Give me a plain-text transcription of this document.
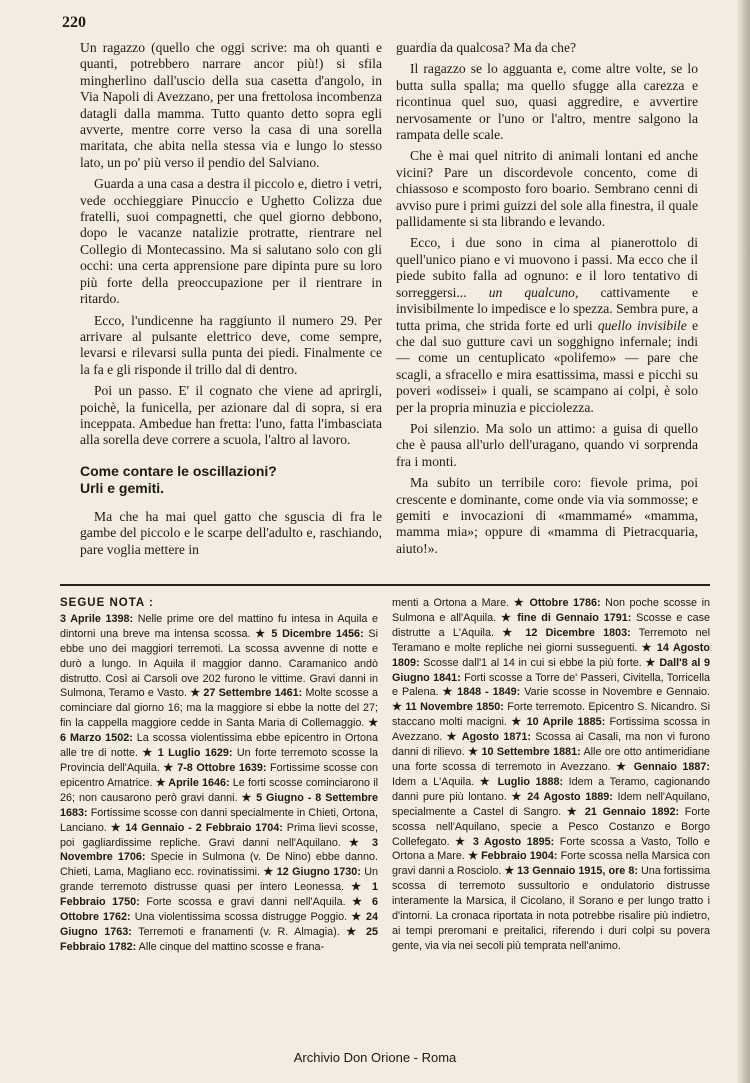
220

Un ragazzo (quello che oggi scrive: ma oh quanti e quanti, potrebbero narrare ancor più!) si sfila mingherlino dall'uscio della sua casetta d'angolo, in Via Napoli di Avezzano, per una frettolosa incombenza datagli dalla mamma. Tutto quanto detto sopra egli avverte, mentre corre verso la casa di una sorella maritata, che abita nella stessa via e lungo lo stesso lato, un po' più verso il pendio del Salviano.

Guarda a una casa a destra il piccolo e, dietro i vetri, vede occhieggiare Pinuccio e Ughetto Colizza due fratelli, suoi compagnetti, che quel giorno debbono, dopo le vacanze natalizie protratte, rientrare nel Collegio di Montecassino. Ma si salutano solo con gli occhi: una certa apprensione pare dipinta pure su loro più forte della preoccupazione per il rientrare in ritardo.

Ecco, l'undicenne ha raggiunto il numero 29. Per arrivare al pulsante elettrico deve, come sempre, levarsi e rilevarsi sulla punta dei piedi. Finalmente ce la fa e gli risponde il trillo dal di dentro.

Poi un passo. E' il cognato che viene ad aprirgli, poichè, la funicella, per azionare dal di sopra, si era inceppata. Ambedue han fretta: l'uno, fatta l'imbasciata alla sorella deve correre a scuola, l'altro al lavoro.

Come contare le oscillazioni?
Urli e gemiti.

Ma che ha mai quel gatto che sguscia di fra le gambe del piccolo e le scarpe dell'adulto e, raschiando, pare voglia mettere in

guardia da qualcosa? Ma da che?

Il ragazzo se lo agguanta e, come altre volte, se lo butta sulla spalla; ma quello sfugge alla carezza e ricontinua quel suo, quasi aggredire, e avvertire nervosamente or l'uno or l'altro, mentre salgono la rampata delle scale.

Che è mai quel nitrito di animali lontani ed anche vicini? Pare un discordevole concento, come di chiassoso e scomposto foro boario. Sembrano cenni di avviso pure i primi guizzi del sole alla finestra, il quale pallidamente si sta librando e levando.

Ecco, i due sono in cima al pianerottolo di quell'unico piano e vi muovono i passi. Ma ecco che il piede subito falla ad ognuno: e il loro tentativo di sorreggersi... un qualcuno, cattivamente e invisibilmente lo impedisce e lo spezza. Sembra pure, a tutta prima, che strida forte ed urli quello invisibile e che dal suo gutture cavi un sogghigno infernale; indi — come un centuplicato «polifemo» — pare che scagli, a sfracello e mira esattissima, massi e picchi su poveri «odissei» i quali, se scampano ai colpi, è solo per la propria minuzia e picciolezza.

Poi silenzio. Ma solo un attimo: a guisa di quello che è pausa all'urlo dell'uragano, quando vi sorprenda fra i monti.

Ma subito un terribile coro: fievole prima, poi crescente e dominante, come onde via via sommosse; e gemiti e invocazioni di «mammamé» «mamma, mamma mia»; oppure di «mamma di Pietracquaria, aiuto!».

SEGUE NOTA :
3 Aprile 1398: Nelle prime ore del mattino fu intesa in Aquila e dintorni una breve ma intensa scossa. ★ 5 Dicembre 1456: Si ebbe uno dei maggiori terremoti. La scossa avvenne di notte e durò a lungo. In Aquila il maggior danno. Caramanico andò distrutto. Così ai Carsoli ove 202 furono le vittime. Gravi danni in Sulmona, Teramo e Vasto. ★ 27 Settembre 1461: Molte scosse a cominciare dal giorno 16; ma la maggiore si ebbe la notte del 27; fin la cappella maggiore cedde in Santa Maria di Collemaggio. ★ 6 Marzo 1502: La scossa violentissima ebbe epicentro in Ortona alle tre di notte. ★ 1 Luglio 1629: Un forte terremoto scosse la Provincia dell'Aquila. ★ 7-8 Ottobre 1639: Fortissime scosse con epicentro Amatrice. ★ Aprile 1646: Le forti scosse cominciarono il 26; non causarono però gravi danni. ★ 5 Giugno - 8 Settembre 1683: Fortissime scosse con danni specialmente in Chieti, Ortona, Lanciano. ★ 14 Gennaio - 2 Febbraio 1704: Prima lievi scosse, poi gagliardissime repliche. Gravi danni nell'Aquilano. ★ 3 Novembre 1706: Specie in Sulmona (v. De Nino) ebbe danno. Chieti, Lama, Magliano ecc. rovinatissimi. ★ 12 Giugno 1730: Un grande terremoto distrusse quasi per intero Leonessa. ★ 1 Febbraio 1750: Forte scossa e gravi danni nell'Aquila. ★ 6 Ottobre 1762: Una violentissima scossa distrugge Poggio. ★ 24 Giugno 1763: Terremoti e franamenti (v. R. Almagia). ★ 25 Febbraio 1782: Alle cinque del mattino scosse e frana-

menti a Ortona a Mare. ★ Ottobre 1786: Non poche scosse in Sulmona e all'Aquila. ★ fine di Gennaio 1791: Scosse e case distrutte a L'Aquila. ★ 12 Dicembre 1803: Terremoto nel Teramano e molte repliche nei giorni susseguenti. ★ 14 Agosto 1809: Scosse dall'1 al 14 in cui si ebbe la più forte. ★ Dall'8 al 9 Giugno 1841: Forti scosse a Torre de' Passeri, Civitella, Torricella e Palena. ★ 1848 - 1849: Varie scosse in Novembre e Gennaio. ★ 11 Novembre 1850: Forte terremoto. Epicentro S. Nicandro. Si staccano molti macigni. ★ 10 Aprile 1885: Fortissima scossa in Avezzano. ★ Agosto 1871: Scossa ai Casali, ma non vi furono danni di rilievo. ★ 10 Settembre 1881: Alle ore otto antimeridiane una forte scossa di terremoto in Avezzano. ★ Gennaio 1887: Idem a L'Aquila. ★ Luglio 1888: Idem a Teramo, cagionando danni pure più lontano. ★ 24 Agosto 1889: Idem nell'Aquilano, specialmente a Castel di Sangro. ★ 21 Gennaio 1892: Forte scossa nell'Aquilano, specie a Pesco Costanzo e Borgo Collefegato. ★ 3 Agosto 1895: Forte scossa a Vasto, Tollo e Ortona a Mare. ★ Febbraio 1904: Forte scossa nella Marsica con gravi danni a Rosciolo. ★ 13 Gennaio 1915, ore 8: Una fortissima scossa di terremoto sussultorio e ondulatorio distrusse interamente la Marsica, il Cicolano, il Sorano e per lungo tratto i d'intorni. La cronaca riportata in nota potrebbe risalire più indietro, ai tempi preromani e preitalici, riferendo i duri colpi su povera gente, via via nei secoli più temprata nell'animo.

Archivio Don Orione - Roma
